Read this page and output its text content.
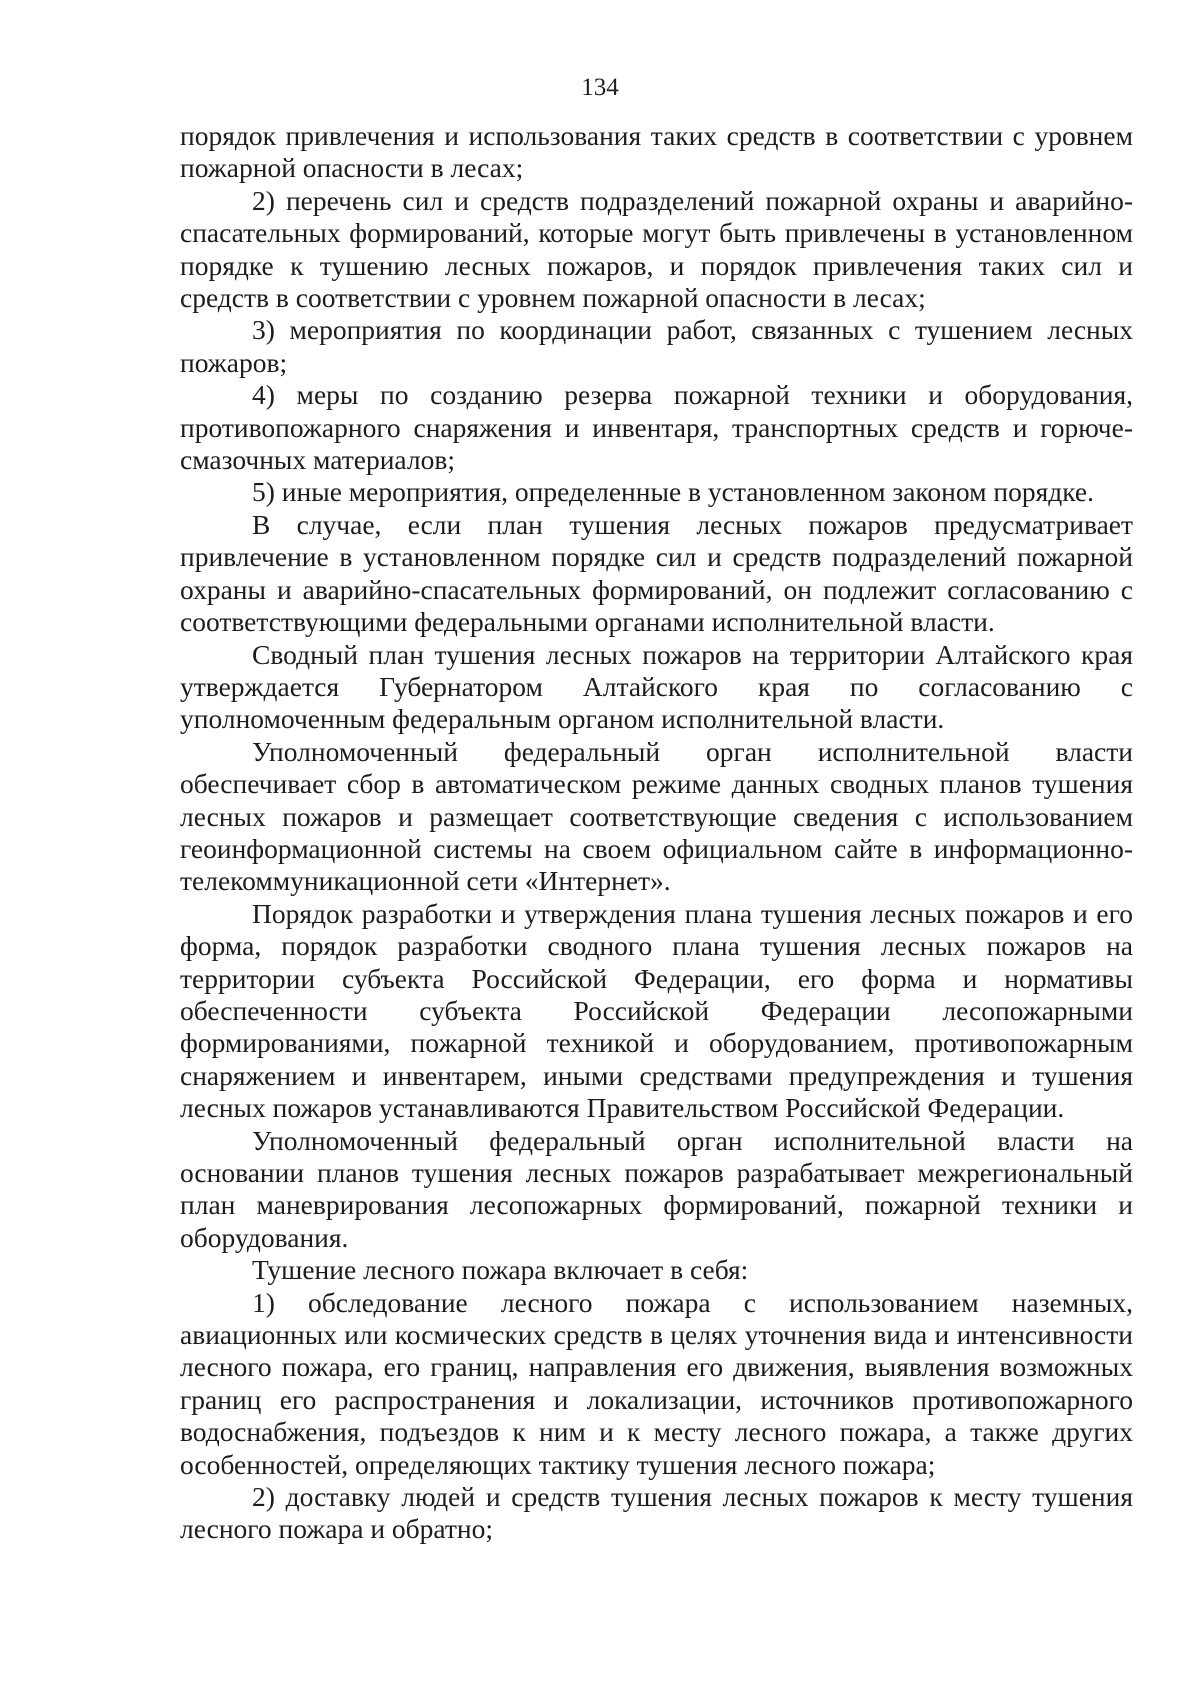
134

порядок привлечения и использования таких средств в соответствии с уровнем пожарной опасности в лесах;

2) перечень сил и средств подразделений пожарной охраны и аварийно-спасательных формирований, которые могут быть привлечены в установленном порядке к тушению лесных пожаров, и порядок привлечения таких сил и средств в соответствии с уровнем пожарной опасности в лесах;

3) мероприятия по координации работ, связанных с тушением лесных пожаров;

4) меры по созданию резерва пожарной техники и оборудования, противопожарного снаряжения и инвентаря, транспортных средств и горюче-смазочных материалов;

5) иные мероприятия, определенные в установленном законом порядке.

В случае, если план тушения лесных пожаров предусматривает привлечение в установленном порядке сил и средств подразделений пожарной охраны и аварийно-спасательных формирований, он подлежит согласованию с соответствующими федеральными органами исполнительной власти.

Сводный план тушения лесных пожаров на территории Алтайского края утверждается Губернатором Алтайского края по согласованию с уполномоченным федеральным органом исполнительной власти.

Уполномоченный федеральный орган исполнительной власти обеспечивает сбор в автоматическом режиме данных сводных планов тушения лесных пожаров и размещает соответствующие сведения с использованием геоинформационной системы на своем официальном сайте в информационно-телекоммуникационной сети «Интернет».

Порядок разработки и утверждения плана тушения лесных пожаров и его форма, порядок разработки сводного плана тушения лесных пожаров на территории субъекта Российской Федерации, его форма и нормативы обеспеченности субъекта Российской Федерации лесопожарными формированиями, пожарной техникой и оборудованием, противопожарным снаряжением и инвентарем, иными средствами предупреждения и тушения лесных пожаров устанавливаются Правительством Российской Федерации.

Уполномоченный федеральный орган исполнительной власти на основании планов тушения лесных пожаров разрабатывает межрегиональный план маневрирования лесопожарных формирований, пожарной техники и оборудования.

Тушение лесного пожара включает в себя:

1) обследование лесного пожара с использованием наземных, авиационных или космических средств в целях уточнения вида и интенсивности лесного пожара, его границ, направления его движения, выявления возможных границ его распространения и локализации, источников противопожарного водоснабжения, подъездов к ним и к месту лесного пожара, а также других особенностей, определяющих тактику тушения лесного пожара;

2) доставку людей и средств тушения лесных пожаров к месту тушения лесного пожара и обратно;
